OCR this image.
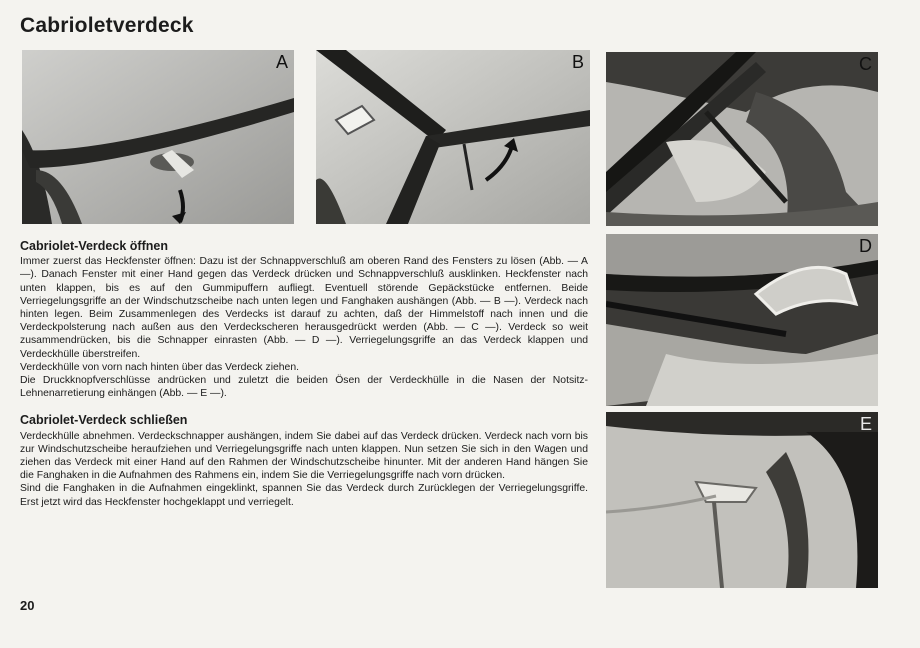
Cabrioletverdeck
A	B	C
D
E
Cabriolet-Verdeck öffnen

Immer zuerst das Heckfenster öffnen: Dazu ist der Schnappverschluß am oberen Rand des Fensters zu lösen (Abb. — A —). Danach Fenster mit einer Hand gegen das Verdeck drücken und Schnappverschluß ausklinken. Heckfenster nach unten klappen, bis es auf den Gummipuffern aufliegt. Eventuell störende Gepäckstücke entfernen. Beide Verriegelungsgriffe an der Windschutzscheibe nach unten legen und Fanghaken aushängen (Abb. — B —). Verdeck nach hinten legen. Beim Zusammenlegen des Verdecks ist darauf zu achten, daß der Himmelstoff nach innen und die Verdeckpolsterung nach außen aus den Verdeckscheren herausgedrückt werden (Abb. — C —). Verdeck so weit zusammendrücken, bis die Schnapper einrasten (Abb. — D —). Verriegelungsgriffe an das Verdeck klappen und Verdeckhülle überstreifen.

Verdeckhülle von vorn nach hinten über das Verdeck ziehen.

Die Druckknopfverschlüsse andrücken und zuletzt die beiden Ösen der Verdeckhülle in die Nasen der Notsitz-Lehnenarretierung einhängen (Abb. — E —).

Cabriolet-Verdeck schließen

Verdeckhülle abnehmen. Verdeckschnapper aushängen, indem Sie dabei auf das Verdeck drücken. Verdeck nach vorn bis zur Windschutzscheibe heraufziehen und Verriegelungsgriffe nach unten klappen. Nun setzen Sie sich in den Wagen und ziehen das Verdeck mit einer Hand auf den Rahmen der Windschutzscheibe hinunter. Mit der anderen Hand hängen Sie die Fanghaken in die Aufnahmen des Rahmens ein, indem Sie die Verriegelungsgriffe nach vorn drücken.

Sind die Fanghaken in die Aufnahmen eingeklinkt, spannen Sie das Verdeck durch Zurücklegen der Verriegelungsgriffe. Erst jetzt wird das Heckfenster hochgeklappt und verriegelt.

20
